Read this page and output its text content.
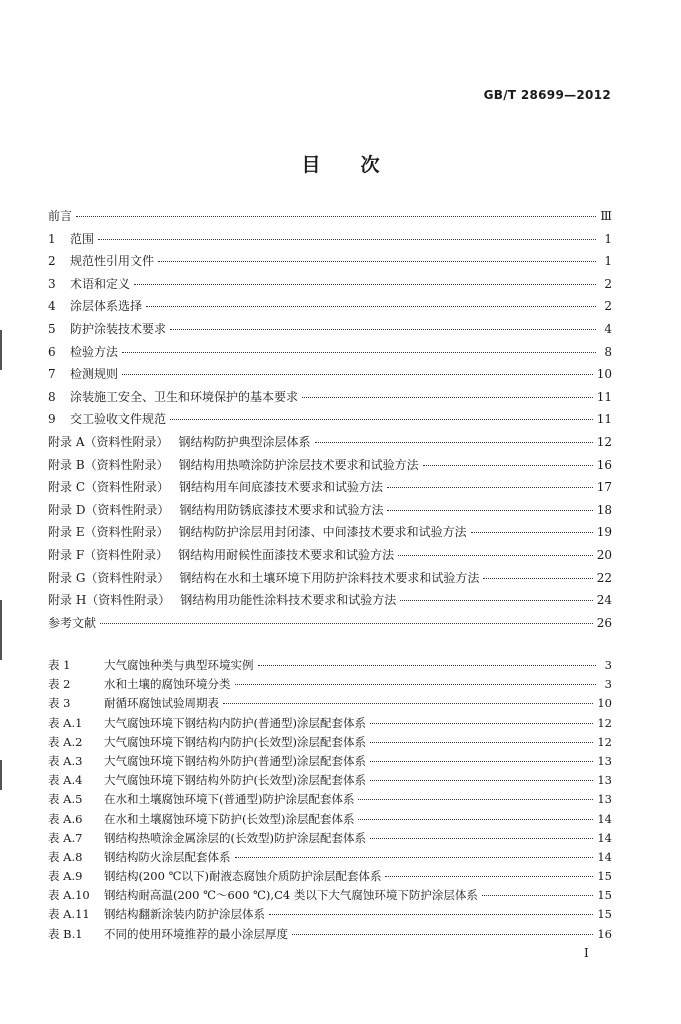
GB/T 28699—2012
目次
前言	Ⅲ
1	范围	1
2	规范性引用文件	1
3	术语和定义	2
4	涂层体系选择	2
5	防护涂装技术要求	4
6	检验方法	8
7	检测规则	10
8	涂装施工安全、卫生和环境保护的基本要求	11
9	交工验收文件规范	11
附录 A（资料性附录） 钢结构防护典型涂层体系	12
附录 B（资料性附录） 钢结构用热喷涂防护涂层技术要求和试验方法	16
附录 C（资料性附录） 钢结构用车间底漆技术要求和试验方法	17
附录 D（资料性附录） 钢结构用防锈底漆技术要求和试验方法	18
附录 E（资料性附录） 钢结构防护涂层用封闭漆、中间漆技术要求和试验方法	19
附录 F（资料性附录） 钢结构用耐候性面漆技术要求和试验方法	20
附录 G（资料性附录） 钢结构在水和土壤环境下用防护涂料技术要求和试验方法	22
附录 H（资料性附录） 钢结构用功能性涂料技术要求和试验方法	24
参考文献	26
表 1	大气腐蚀种类与典型环境实例	3
表 2	水和土壤的腐蚀环境分类	3
表 3	耐循环腐蚀试验周期表	10
表 A.1	大气腐蚀环境下钢结构内防护(普通型)涂层配套体系	12
表 A.2	大气腐蚀环境下钢结构内防护(长效型)涂层配套体系	12
表 A.3	大气腐蚀环境下钢结构外防护(普通型)涂层配套体系	13
表 A.4	大气腐蚀环境下钢结构外防护(长效型)涂层配套体系	13
表 A.5	在水和土壤腐蚀环境下(普通型)防护涂层配套体系	13
表 A.6	在水和土壤腐蚀环境下防护(长效型)涂层配套体系	14
表 A.7	钢结构热喷涂金属涂层的(长效型)防护涂层配套体系	14
表 A.8	钢结构防火涂层配套体系	14
表 A.9	钢结构(200 ℃以下)耐液态腐蚀介质防护涂层配套体系	15
表 A.10	钢结构耐高温(200 ℃～600 ℃),C4 类以下大气腐蚀环境下防护涂层体系	15
表 A.11	钢结构翻新涂装内防护涂层体系	15
表 B.1	不同的使用环境推荐的最小涂层厚度	16
Ⅰ
